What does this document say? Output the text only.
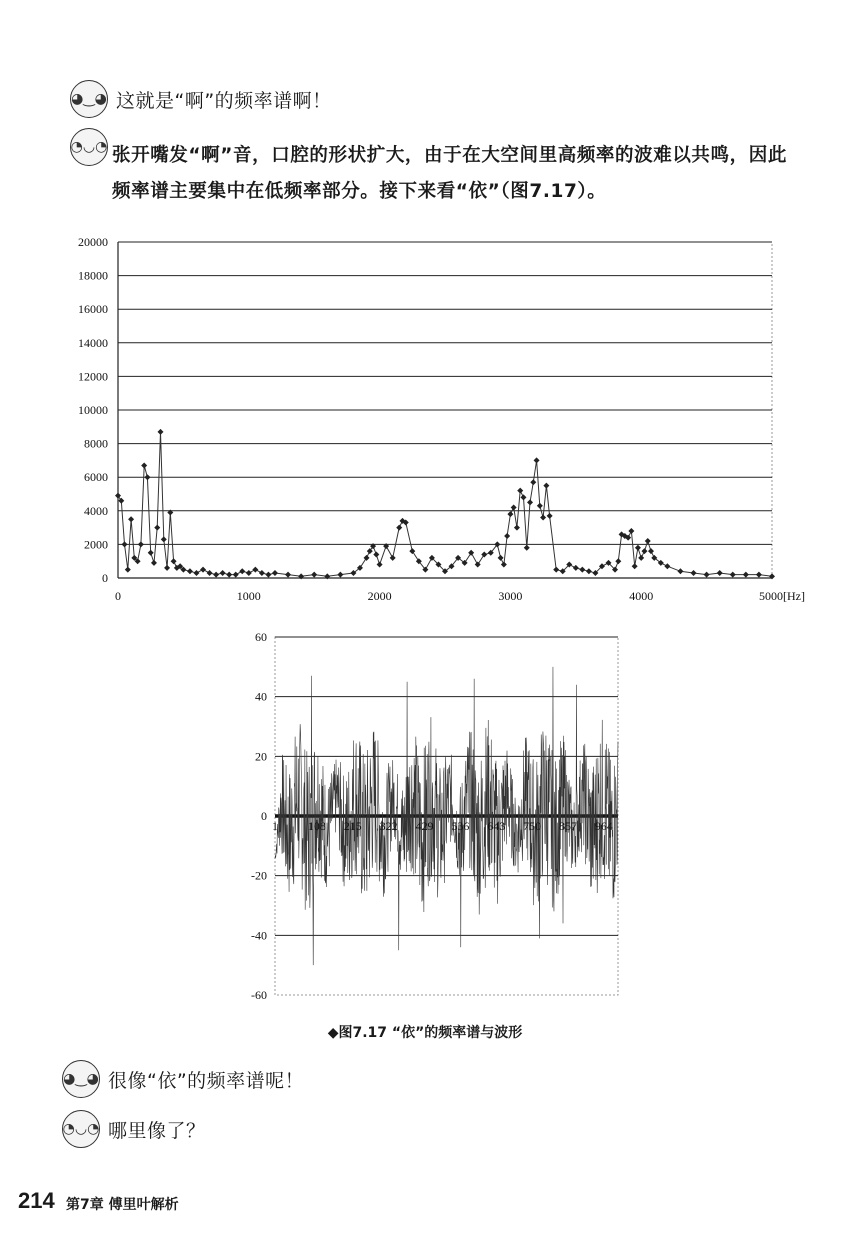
◕‿◕ 这就是“啊”的频率谱啊！
◔◡◔ 张开嘴发“啊”音，口腔的形状扩大，由于在大空间里高频率的波难以共鸣，因此
频率谱主要集中在低频率部分。接下来看“依”（图7.17）。
0
2000
4000
6000
8000
10000
12000
14000
16000
18000
20000
0	1000	2000	3000	4000	5000[Hz]
-60
-40
-20
0
20
40
60
1 108 215 322 429 536 643 750 857 964
◆图7.17 “依”的频率谱与波形
◕‿◕ 很像“依”的频率谱呢！
◔◡◔ 哪里像了？
214 第7章 傅里叶解析
